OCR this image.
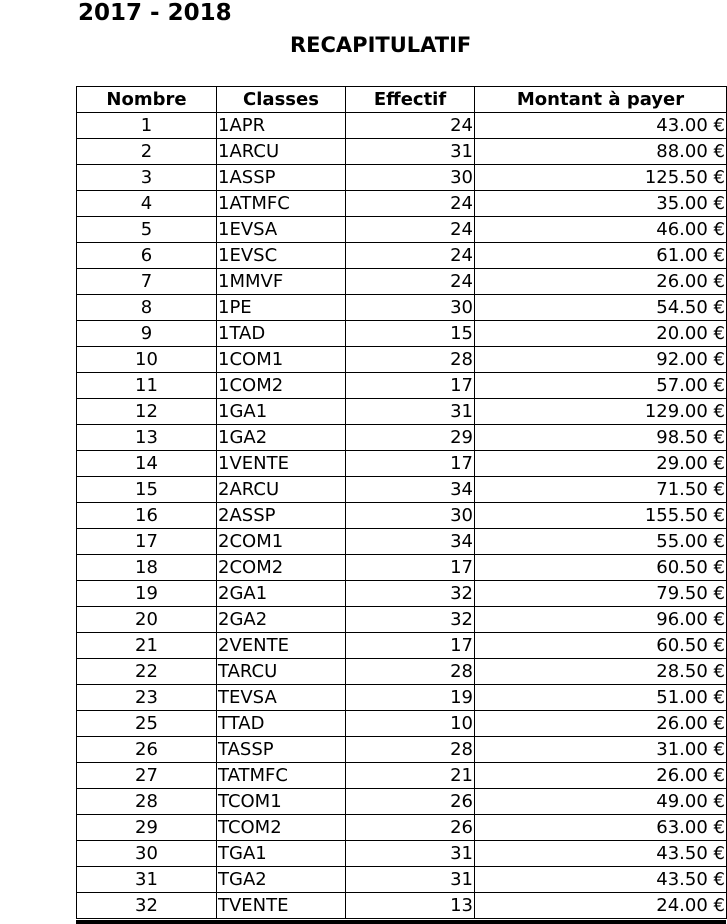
2017 - 2018
RECAPITULATIF
Nombre	Classes	Effectif	Montant à payer
1	1APR	24	43.00 €
2	1ARCU	31	88.00 €
3	1ASSP	30	125.50 €
4	1ATMFC	24	35.00 €
5	1EVSA	24	46.00 €
6	1EVSC	24	61.00 €
7	1MMVF	24	26.00 €
8	1PE	30	54.50 €
9	1TAD	15	20.00 €
10	1COM1	28	92.00 €
11	1COM2	17	57.00 €
12	1GA1	31	129.00 €
13	1GA2	29	98.50 €
14	1VENTE	17	29.00 €
15	2ARCU	34	71.50 €
16	2ASSP	30	155.50 €
17	2COM1	34	55.00 €
18	2COM2	17	60.50 €
19	2GA1	32	79.50 €
20	2GA2	32	96.00 €
21	2VENTE	17	60.50 €
22	TARCU	28	28.50 €
23	TEVSA	19	51.00 €
25	TTAD	10	26.00 €
26	TASSP	28	31.00 €
27	TATMFC	21	26.00 €
28	TCOM1	26	49.00 €
29	TCOM2	26	63.00 €
30	TGA1	31	43.50 €
31	TGA2	31	43.50 €
32	TVENTE	13	24.00 €
